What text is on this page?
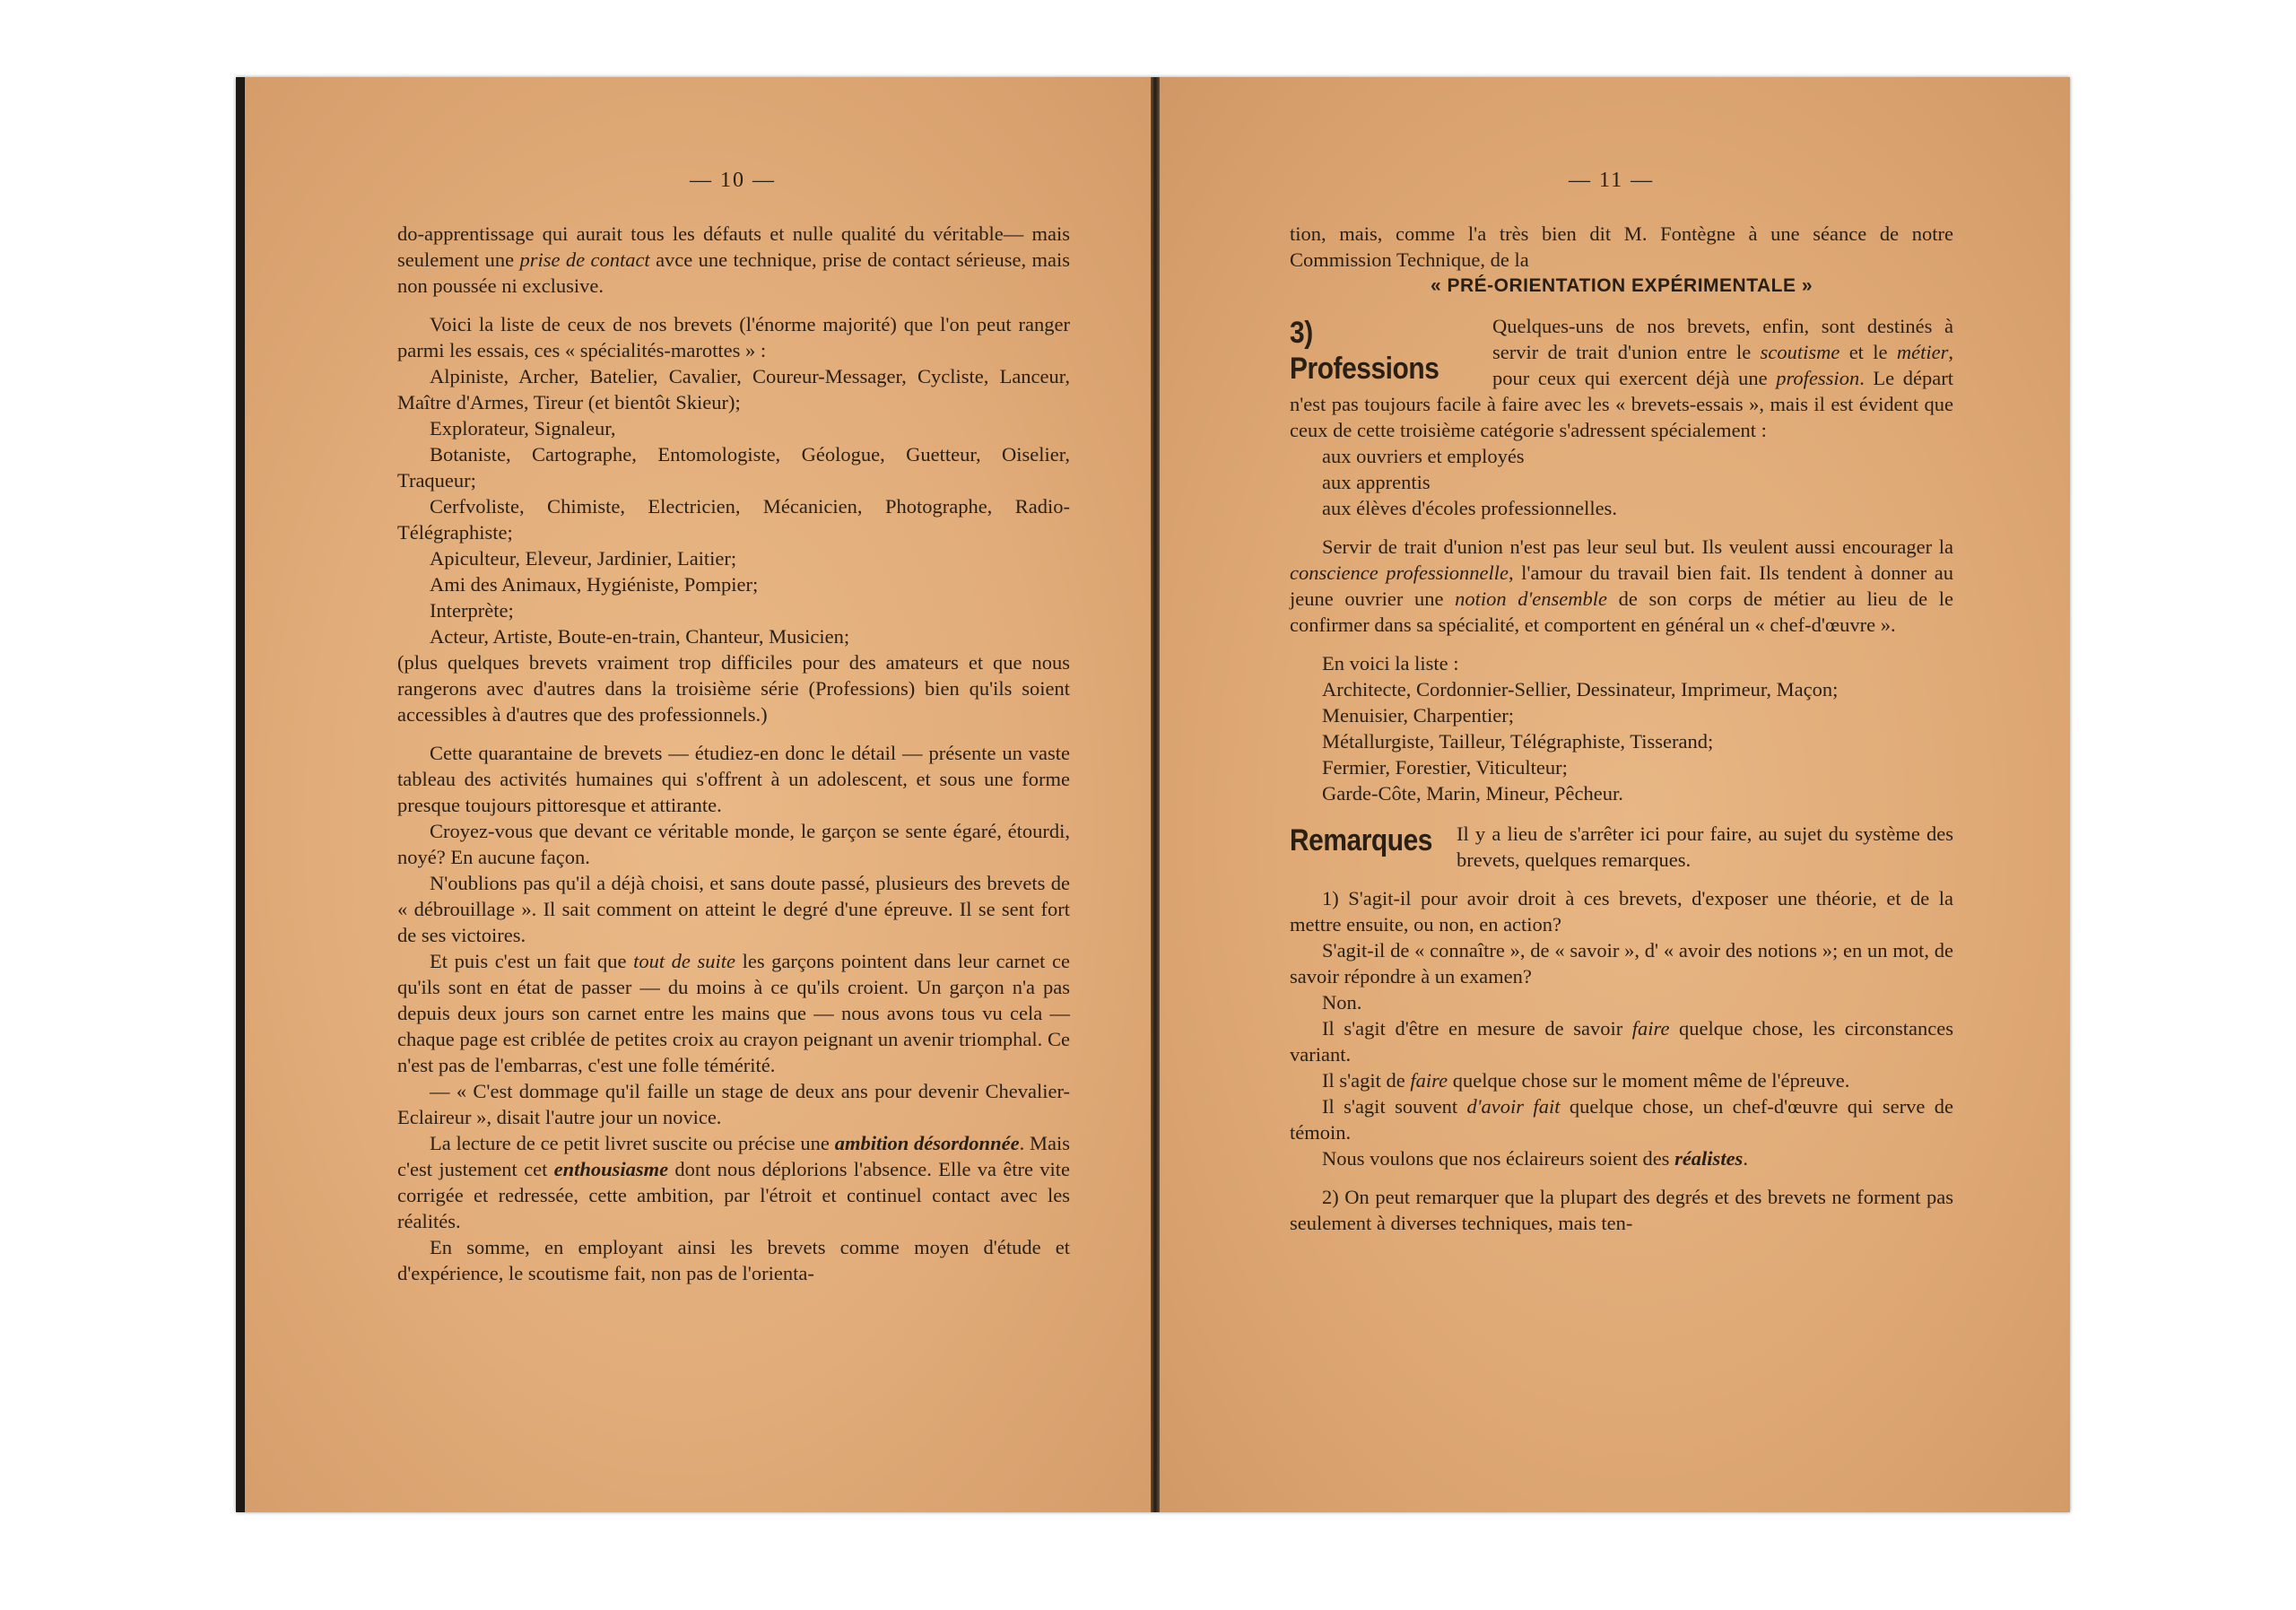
— 10 —

do-apprentissage qui aurait tous les défauts et nulle qualité du véritable— mais seulement une prise de contact avce une technique, prise de contact sérieuse, mais non poussée ni exclusive.

Voici la liste de ceux de nos brevets (l'énorme majorité) que l'on peut ranger parmi les essais, ces « spécialités-marottes » :

Alpiniste, Archer, Batelier, Cavalier, Coureur-Messager, Cycliste, Lanceur, Maître d'Armes, Tireur (et bientôt Skieur);

Explorateur, Signaleur,

Botaniste, Cartographe, Entomologiste, Géologue, Guetteur, Oiselier, Traqueur;

Cerfvoliste, Chimiste, Electricien, Mécanicien, Photographe, Radio-Télégraphiste;

Apiculteur, Eleveur, Jardinier, Laitier;

Ami des Animaux, Hygiéniste, Pompier;

Interprète;

Acteur, Artiste, Boute-en-train, Chanteur, Musicien;

(plus quelques brevets vraiment trop difficiles pour des amateurs et que nous rangerons avec d'autres dans la troisième série (Professions) bien qu'ils soient accessibles à d'autres que des professionnels.)

Cette quarantaine de brevets — étudiez-en donc le détail — présente un vaste tableau des activités humaines qui s'offrent à un adolescent, et sous une forme presque toujours pittoresque et attirante.

Croyez-vous que devant ce véritable monde, le garçon se sente égaré, étourdi, noyé? En aucune façon.

N'oublions pas qu'il a déjà choisi, et sans doute passé, plusieurs des brevets de « débrouillage ». Il sait comment on atteint le degré d'une épreuve. Il se sent fort de ses victoires.

Et puis c'est un fait que tout de suite les garçons pointent dans leur carnet ce qu'ils sont en état de passer — du moins à ce qu'ils croient. Un garçon n'a pas depuis deux jours son carnet entre les mains que — nous avons tous vu cela — chaque page est criblée de petites croix au crayon peignant un avenir triomphal. Ce n'est pas de l'embarras, c'est une folle témérité.

— « C'est dommage qu'il faille un stage de deux ans pour devenir Chevalier-Eclaireur », disait l'autre jour un novice.

La lecture de ce petit livret suscite ou précise une ambition désordonnée. Mais c'est justement cet enthousiasme dont nous déplorions l'absence. Elle va être vite corrigée et redressée, cette ambition, par l'étroit et continuel contact avec les réalités.

En somme, en employant ainsi les brevets comme moyen d'étude et d'expérience, le scoutisme fait, non pas de l'orienta-

— 11 —

tion, mais, comme l'a très bien dit M. Fontègne à une séance de notre Commission Technique, de la

« PRÉ-ORIENTATION EXPÉRIMENTALE »

3) Professions

Quelques-uns de nos brevets, enfin, sont destinés à servir de trait d'union entre le scoutisme et le métier, pour ceux qui exercent déjà une profession. Le départ n'est pas toujours facile à faire avec les « brevets-essais », mais il est évident que ceux de cette troisième catégorie s'adressent spécialement :

aux ouvriers et employés

aux apprentis

aux élèves d'écoles professionnelles.

Servir de trait d'union n'est pas leur seul but. Ils veulent aussi encourager la conscience professionnelle, l'amour du travail bien fait. Ils tendent à donner au jeune ouvrier une notion d'ensemble de son corps de métier au lieu de le confirmer dans sa spécialité, et comportent en général un « chef-d'œuvre ».

En voici la liste :

Architecte, Cordonnier-Sellier, Dessinateur, Imprimeur, Maçon;

Menuisier, Charpentier;

Métallurgiste, Tailleur, Télégraphiste, Tisserand;

Fermier, Forestier, Viticulteur;

Garde-Côte, Marin, Mineur, Pêcheur.

Remarques	Il y a lieu de s'arrêter ici pour faire, au sujet du système des brevets, quelques remarques.

1) S'agit-il pour avoir droit à ces brevets, d'exposer une théorie, et de la mettre ensuite, ou non, en action?

S'agit-il de « connaître », de « savoir », d' « avoir des notions »; en un mot, de savoir répondre à un examen?

Non.

Il s'agit d'être en mesure de savoir faire quelque chose, les circonstances variant.

Il s'agit de faire quelque chose sur le moment même de l'épreuve.

Il s'agit souvent d'avoir fait quelque chose, un chef-d'œuvre qui serve de témoin.

Nous voulons que nos éclaireurs soient des réalistes.

2) On peut remarquer que la plupart des degrés et des brevets ne forment pas seulement à diverses techniques, mais ten-
